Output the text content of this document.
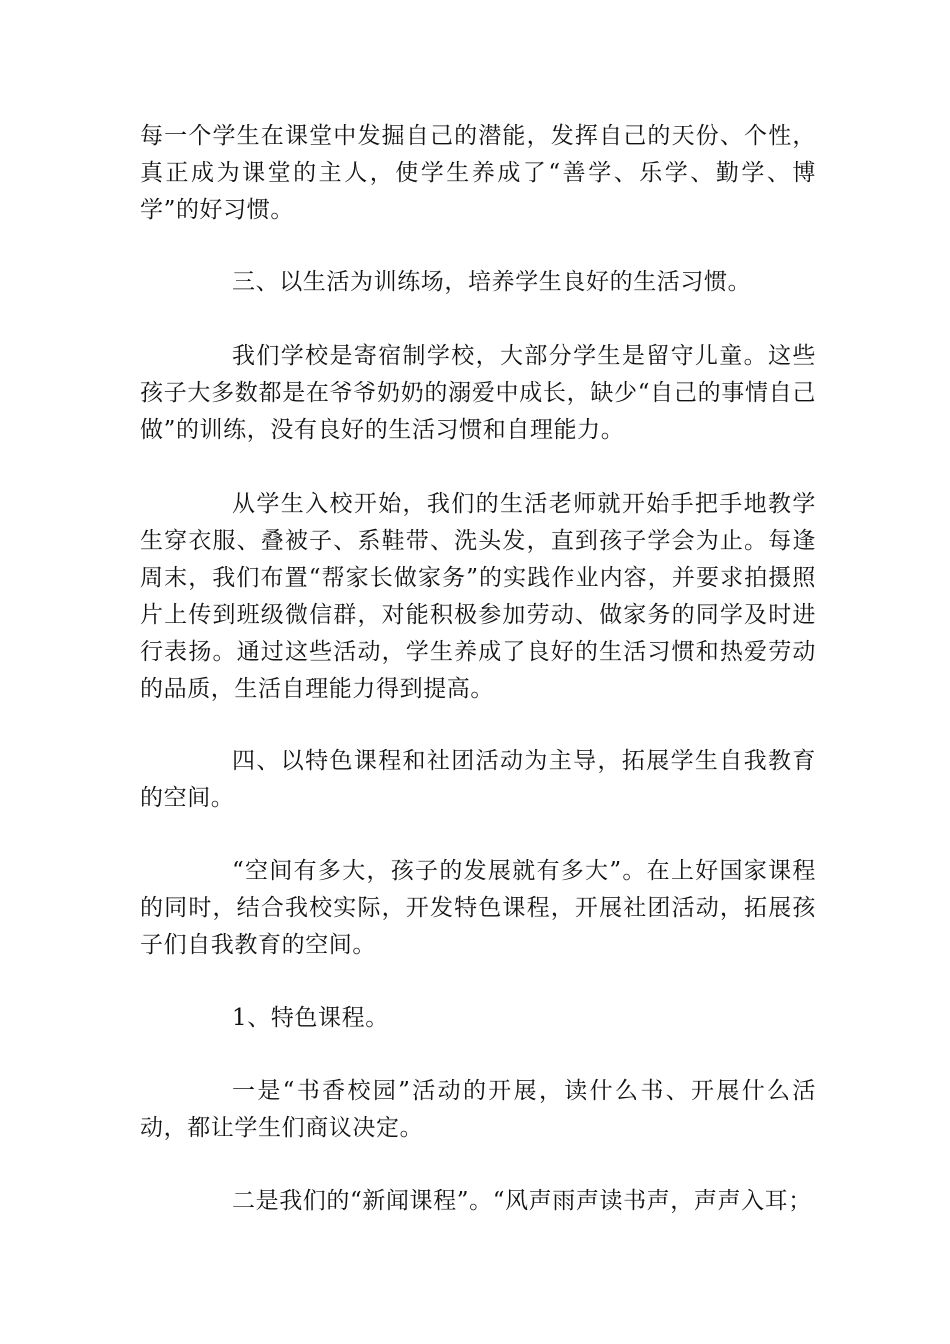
每一个学生在课堂中发掘自己的潜能，发挥自己的天份、个性，真正成为课堂的主人，使学生养成了“善学、乐学、勤学、博学”的好习惯。

三、以生活为训练场，培养学生良好的生活习惯。

我们学校是寄宿制学校，大部分学生是留守儿童。这些孩子大多数都是在爷爷奶奶的溺爱中成长，缺少“自己的事情自己做”的训练，没有良好的生活习惯和自理能力。

从学生入校开始，我们的生活老师就开始手把手地教学生穿衣服、叠被子、系鞋带、洗头发，直到孩子学会为止。每逢周末，我们布置“帮家长做家务”的实践作业内容，并要求拍摄照片上传到班级微信群，对能积极参加劳动、做家务的同学及时进行表扬。通过这些活动，学生养成了良好的生活习惯和热爱劳动的品质，生活自理能力得到提高。

四、以特色课程和社团活动为主导，拓展学生自我教育的空间。

“空间有多大，孩子的发展就有多大”。在上好国家课程的同时，结合我校实际，开发特色课程，开展社团活动，拓展孩子们自我教育的空间。

1、特色课程。

一是“书香校园”活动的开展，读什么书、开展什么活动，都让学生们商议决定。

二是我们的“新闻课程”。“风声雨声读书声，声声入耳；
